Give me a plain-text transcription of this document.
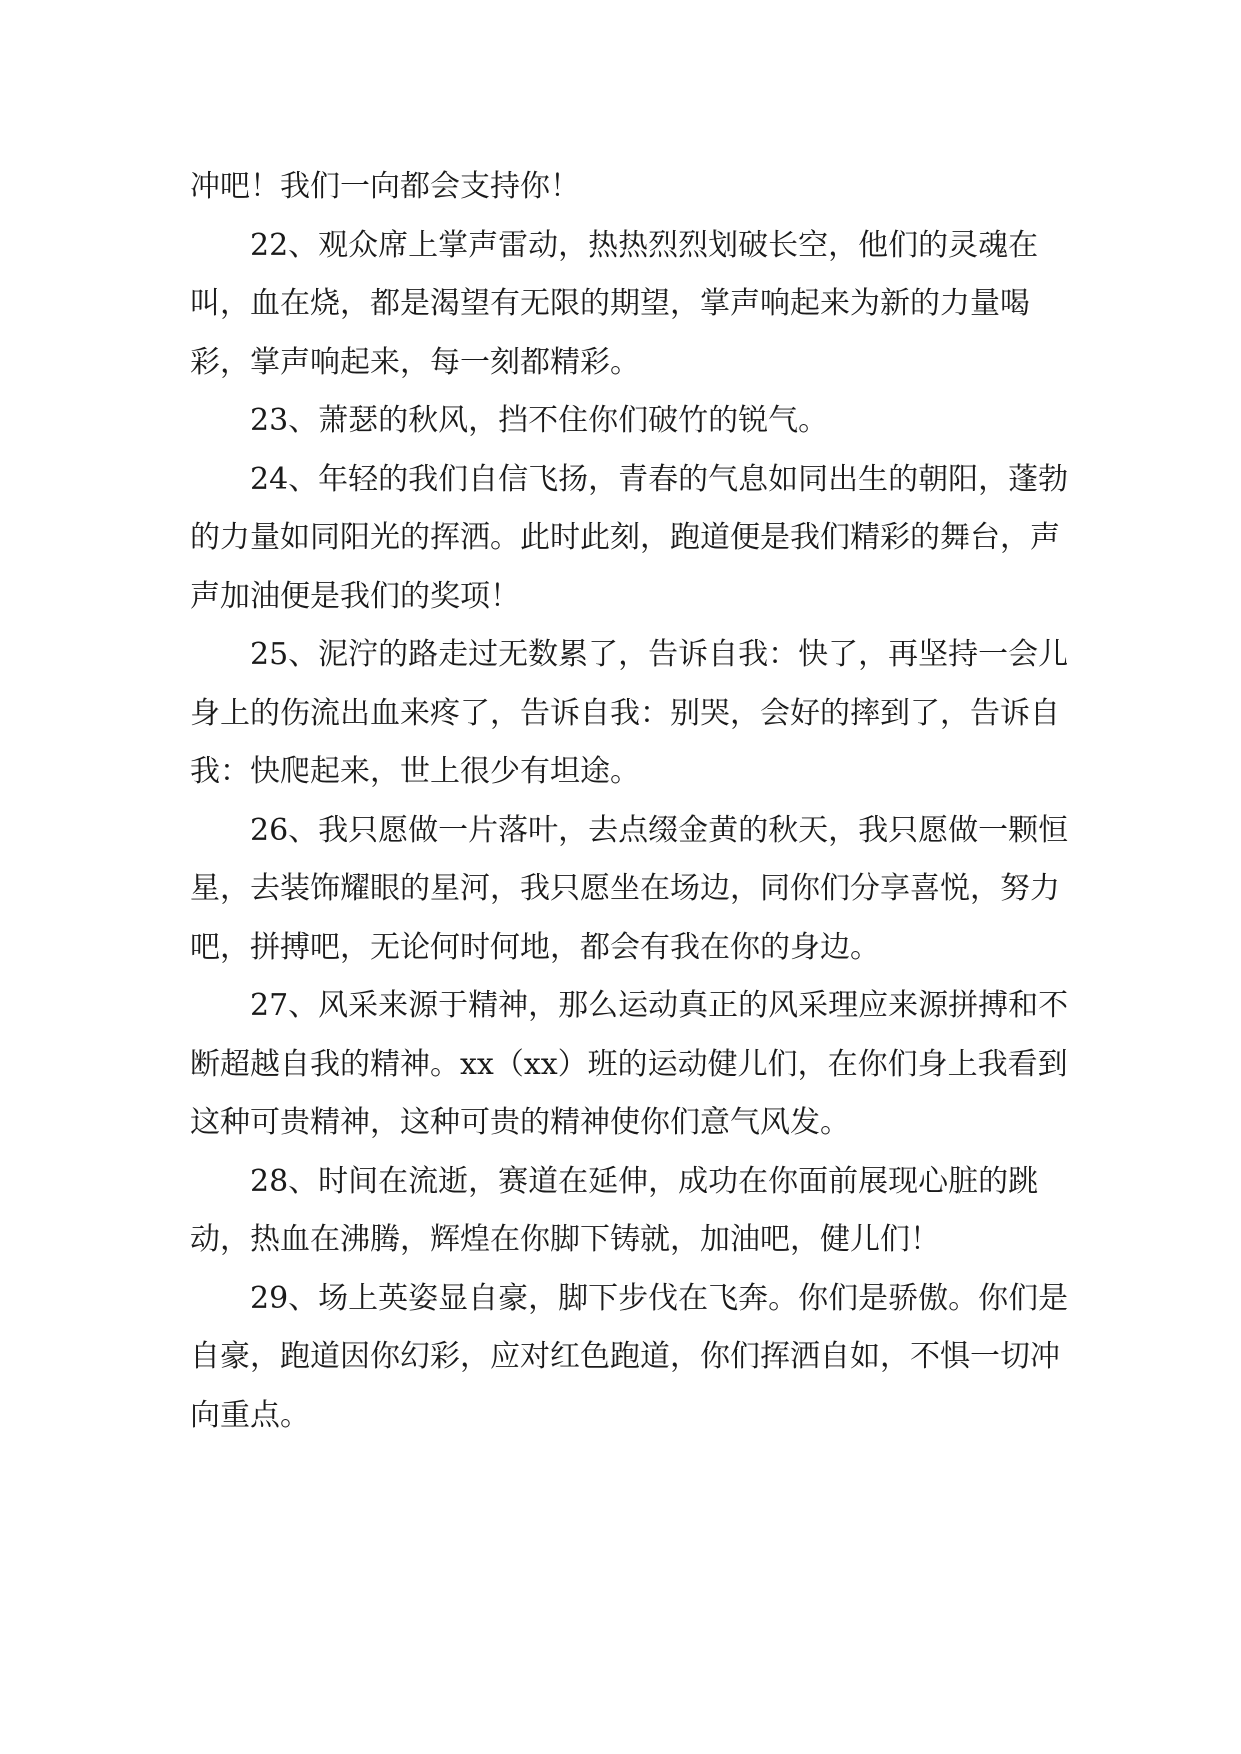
冲吧！我们一向都会支持你！

22、观众席上掌声雷动，热热烈烈划破长空，他们的灵魂在叫，血在烧，都是渴望有无限的期望，掌声响起来为新的力量喝彩，掌声响起来，每一刻都精彩。

23、萧瑟的秋风，挡不住你们破竹的锐气。

24、年轻的我们自信飞扬，青春的气息如同出生的朝阳，蓬勃的力量如同阳光的挥洒。此时此刻，跑道便是我们精彩的舞台，声声加油便是我们的奖项！

25、泥泞的路走过无数累了，告诉自我：快了，再坚持一会儿身上的伤流出血来疼了，告诉自我：别哭，会好的摔到了，告诉自我：快爬起来，世上很少有坦途。

26、我只愿做一片落叶，去点缀金黄的秋天，我只愿做一颗恒星，去装饰耀眼的星河，我只愿坐在场边，同你们分享喜悦，努力吧，拼搏吧，无论何时何地，都会有我在你的身边。

27、风采来源于精神，那么运动真正的风采理应来源拼搏和不断超越自我的精神。xx（xx）班的运动健儿们，在你们身上我看到这种可贵精神，这种可贵的精神使你们意气风发。

28、时间在流逝，赛道在延伸，成功在你面前展现心脏的跳动，热血在沸腾，辉煌在你脚下铸就，加油吧，健儿们！

29、场上英姿显自豪，脚下步伐在飞奔。你们是骄傲。你们是自豪，跑道因你幻彩，应对红色跑道，你们挥洒自如，不惧一切冲向重点。
